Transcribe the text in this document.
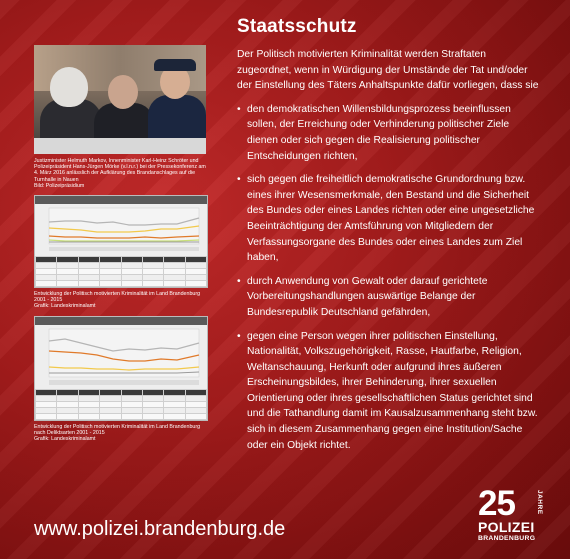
Justizminister Helmuth Markov, Innenminister Karl-Heinz Schröter und Polizeipräsident Hans-Jürgen Mörke (v.l.n.r.) bei der Pressekonferenz am 4. März 2016 anlässlich der Aufklärung des Brandanschlages auf die Turnhalle in Nauen
Bild: Polizeipräsidium

Entwicklung der Politisch motivierten Kriminalität im Land Brandenburg 2001 - 2015
Grafik: Landeskriminalamt

Entwicklung der Politisch motivierten Kriminalität im Land Brandenburg nach Deliktsarten 2001 - 2015
Grafik: Landeskriminalamt
Staatsschutz

Der Politisch motivierten Kriminalität werden Straftaten zugeordnet, wenn in Würdigung der Umstände der Tat und/oder der Einstellung des Täters Anhaltspunkte dafür vorliegen, dass sie

• den demokratischen Willensbildungsprozess beeinflussen sollen, der Erreichung oder Verhinderung politischer Ziele dienen oder sich gegen die Realisierung politischer Entscheidungen richten,
• sich gegen die freiheitlich demokratische Grundordnung bzw. eines ihrer Wesensmerkmale, den Bestand und die Sicherheit des Bundes oder eines Landes richten oder eine ungesetzliche Beeinträchtigung der Amtsführung von Mitgliedern der Verfassungsorgane des Bundes oder eines Landes zum Ziel haben,
• durch Anwendung von Gewalt oder darauf gerichtete Vorbereitungshandlungen auswärtige Belange der Bundesrepublik Deutschland gefährden,
• gegen eine Person wegen ihrer politischen Einstellung, Nationalität, Volkszugehörigkeit, Rasse, Hautfarbe, Religion, Weltanschauung, Herkunft oder aufgrund ihres äußeren Erscheinungsbildes, ihrer Behinderung, ihrer sexuellen Orientierung oder ihres gesellschaftlichen Status gerichtet sind und die Tathandlung damit im Kausalzusammenhang steht bzw. sich in diesem Zusammenhang gegen eine Institution/Sache oder ein Objekt richtet.
www.polizei.brandenburg.de
25	JAHRE
POLIZEI
BRANDENBURG
